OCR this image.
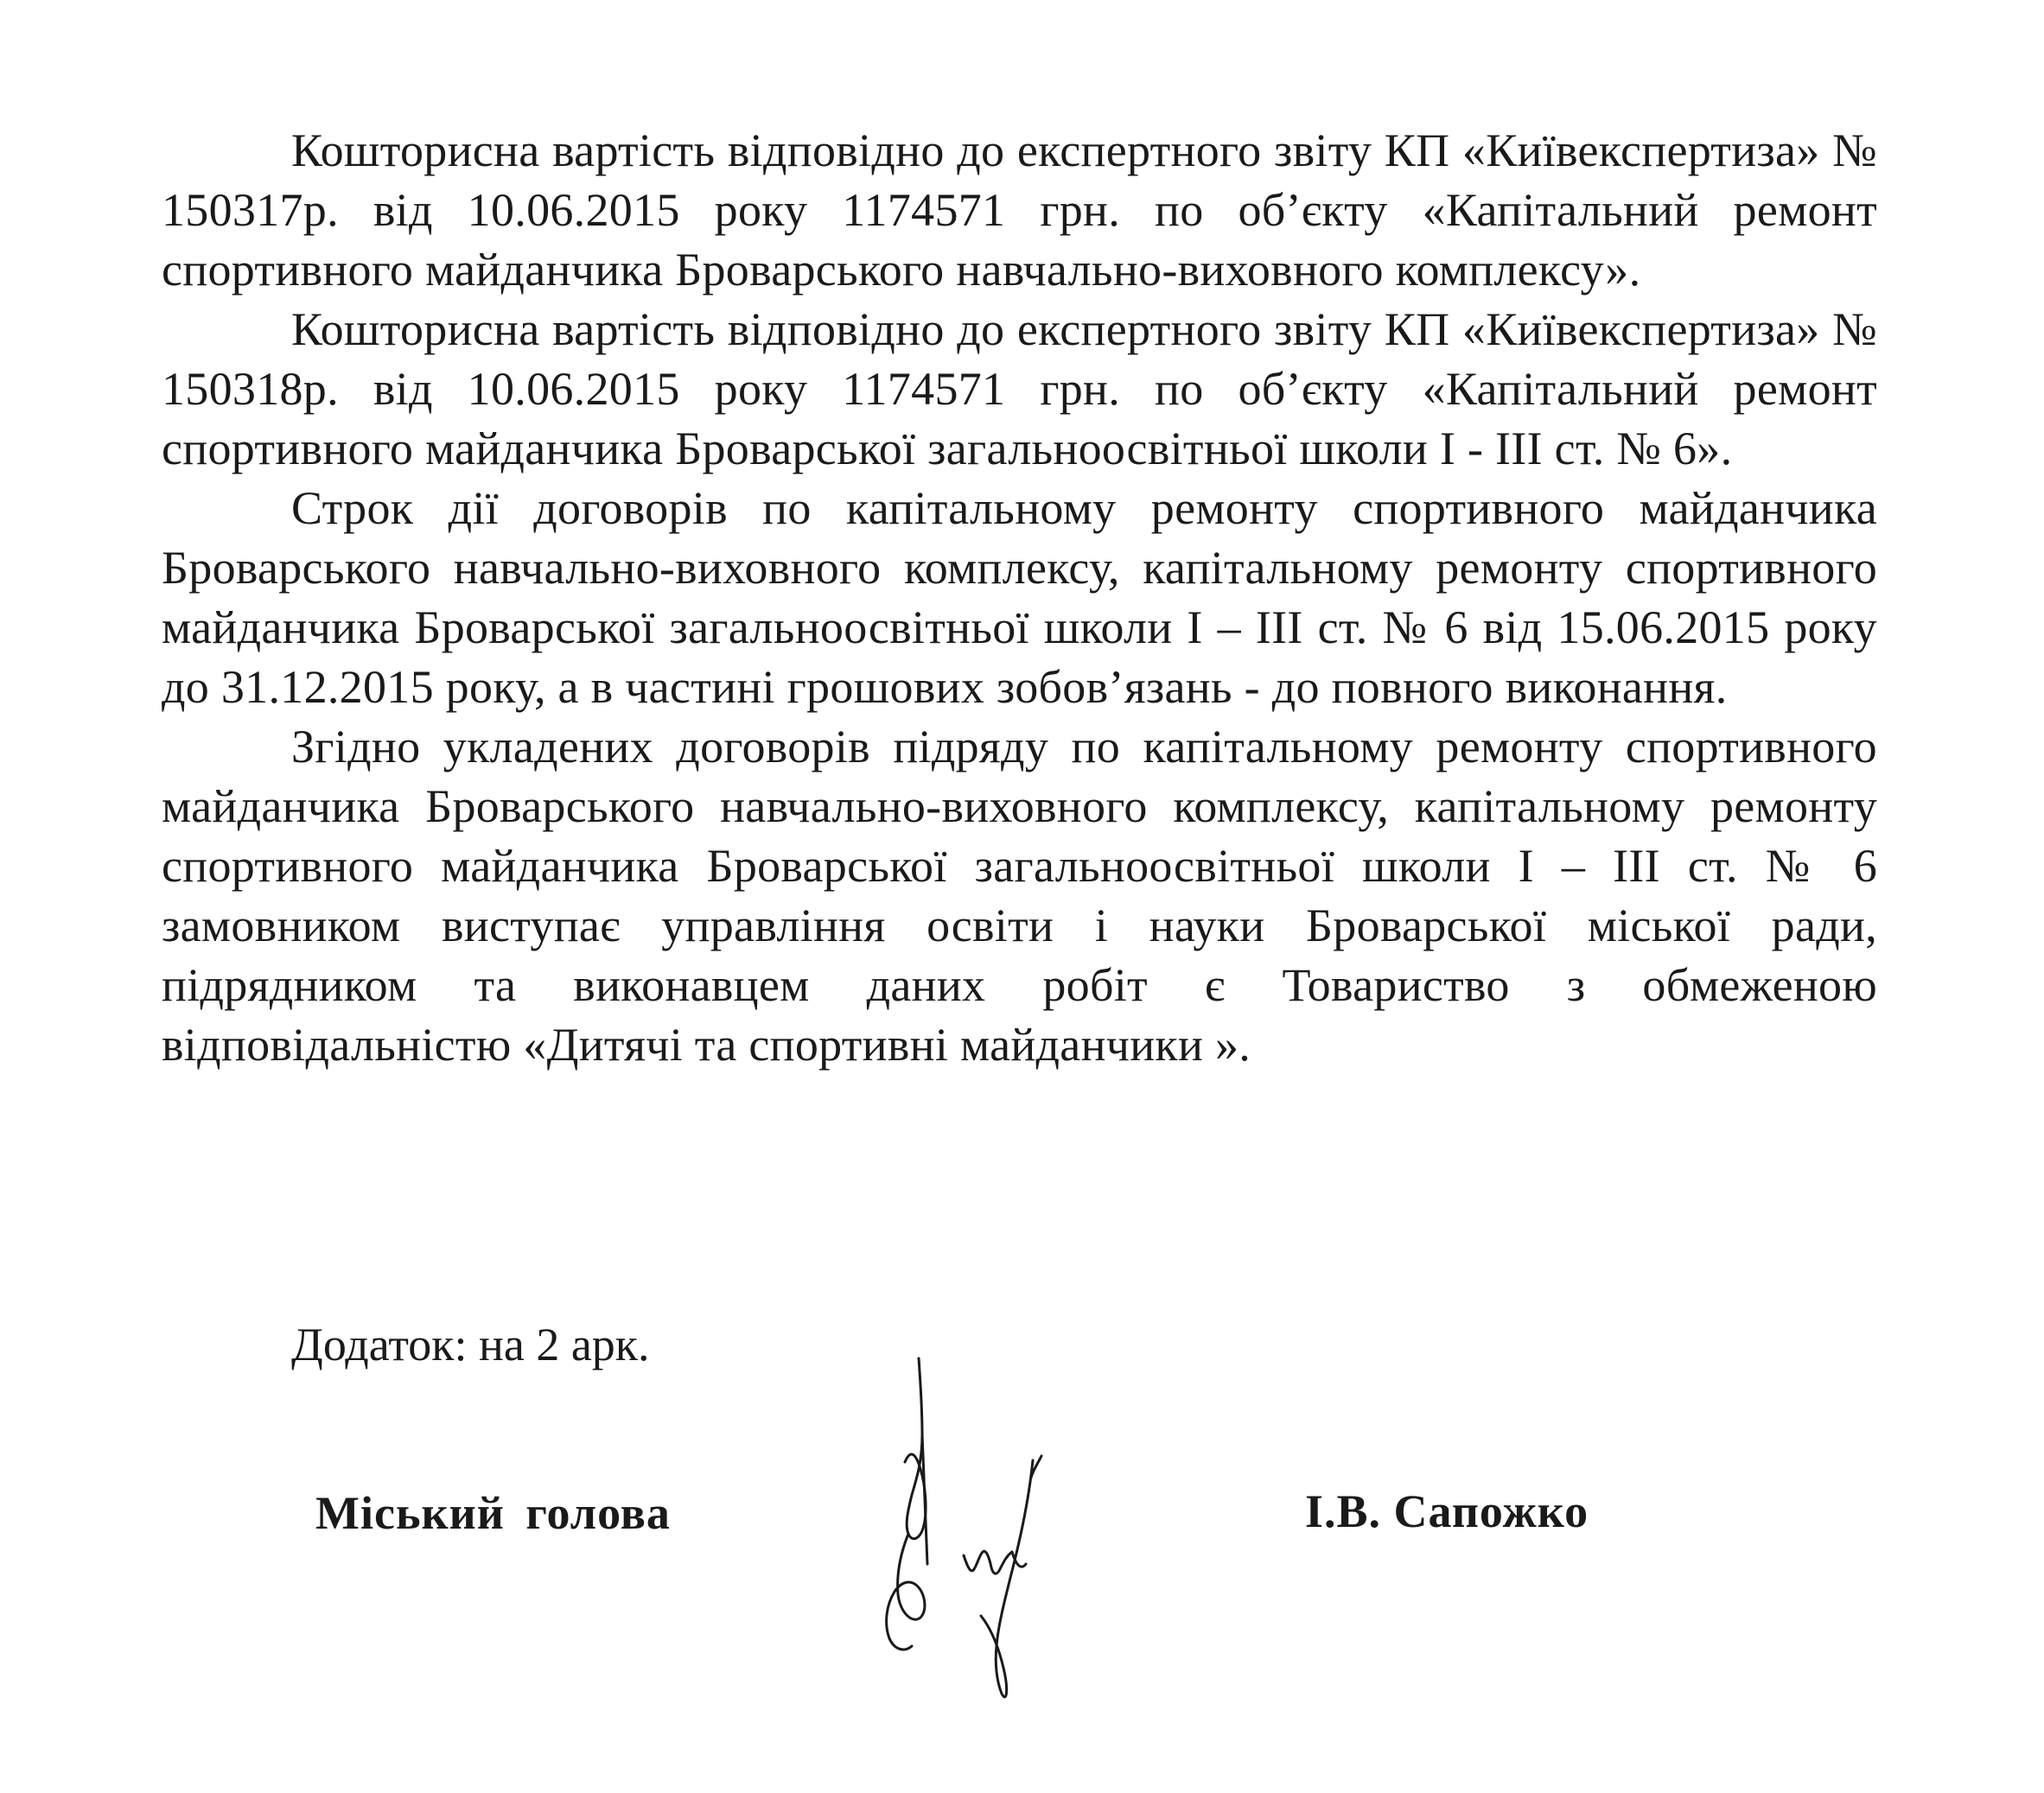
Кошторисна вартість відповідно до експертного звіту КП «Київекспертиза» № 150317р. від 10.06.2015 року 1174571 грн. по об’єкту «Капітальний ремонт спортивного майданчика Броварського навчально-виховного комплексу».

Кошторисна вартість відповідно до експертного звіту КП «Київекспертиза» № 150318р. від 10.06.2015 року 1174571 грн. по об’єкту «Капітальний ремонт спортивного майданчика Броварської загальноосвітньої школи І - ІІІ ст. № 6».

Строк дії договорів по капітальному ремонту спортивного майданчика Броварського навчально-виховного комплексу, капітальному ремонту спортивного майданчика Броварської загальноосвітньої школи І – ІІІ ст. № 6 від 15.06.2015 року до 31.12.2015 року, а в частині грошових зобов’язань - до повного виконання.

Згідно укладених договорів підряду по капітальному ремонту спортивного майданчика Броварського навчально-виховного комплексу, капітальному ремонту спортивного майданчика Броварської загальноосвітньої школи І – ІІІ ст. № 6 замовником виступає управління освіти і науки Броварської міської ради, підрядником та виконавцем даних робіт є Товариство з обмеженою відповідальністю «Дитячі та спортивні майданчики ».

Додаток: на 2 арк.
Міський голова	І.В. Сапожко
